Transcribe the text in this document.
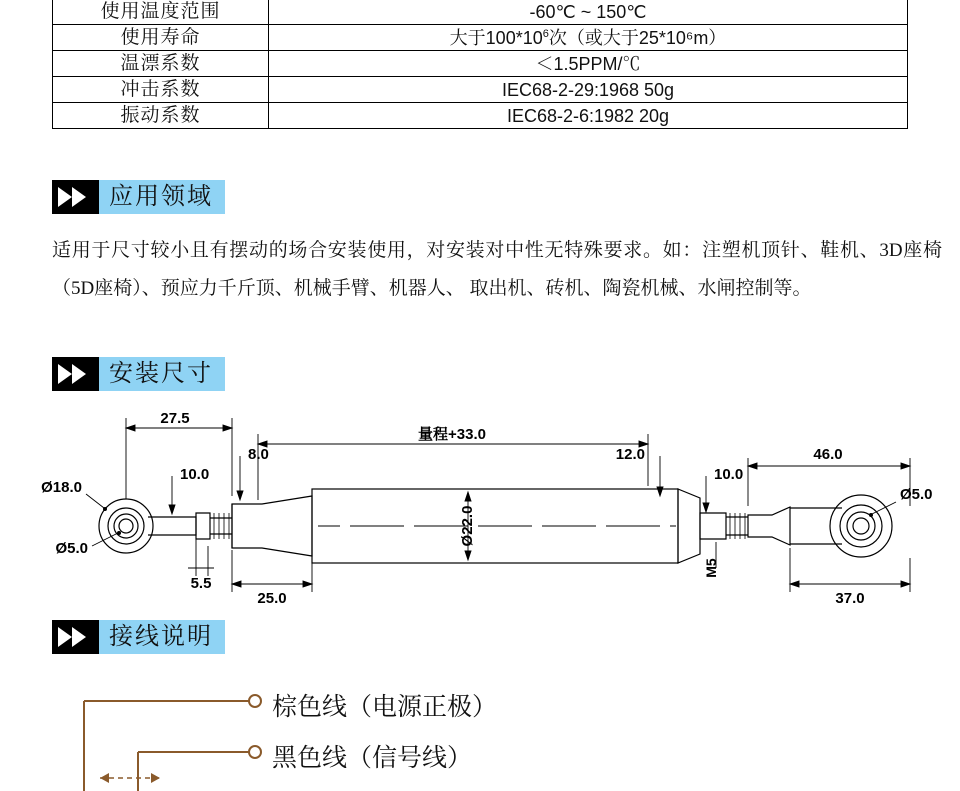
使用温度范围	-60℃ ~ 150℃
使用寿命	大于$100*10^6$次（或大于25*10⁶m）
温漂系数	＜1.5PPM/℃
冲击系数	IEC68-2-29:1968 50g
振动系数	IEC68-2-6:1982 20g
应用领域
适用于尺寸较小且有摆动的场合安装使用，对安装对中性无特殊要求。如：注塑机顶针、鞋机、3D座椅（5D座椅）、预应力千斤顶、机械手臂、机器人、 取出机、砖机、陶瓷机械、水闸控制等。
安装尺寸
27.5
量程+33.0
8.0	12.0	46.0
10.0	10.0
Ø18.0
Ø5.0
Ø5.0
Ø22.0
5.5
25.0	37.0
M5
接线说明
棕色线（电源正极）
黑色线（信号线）
